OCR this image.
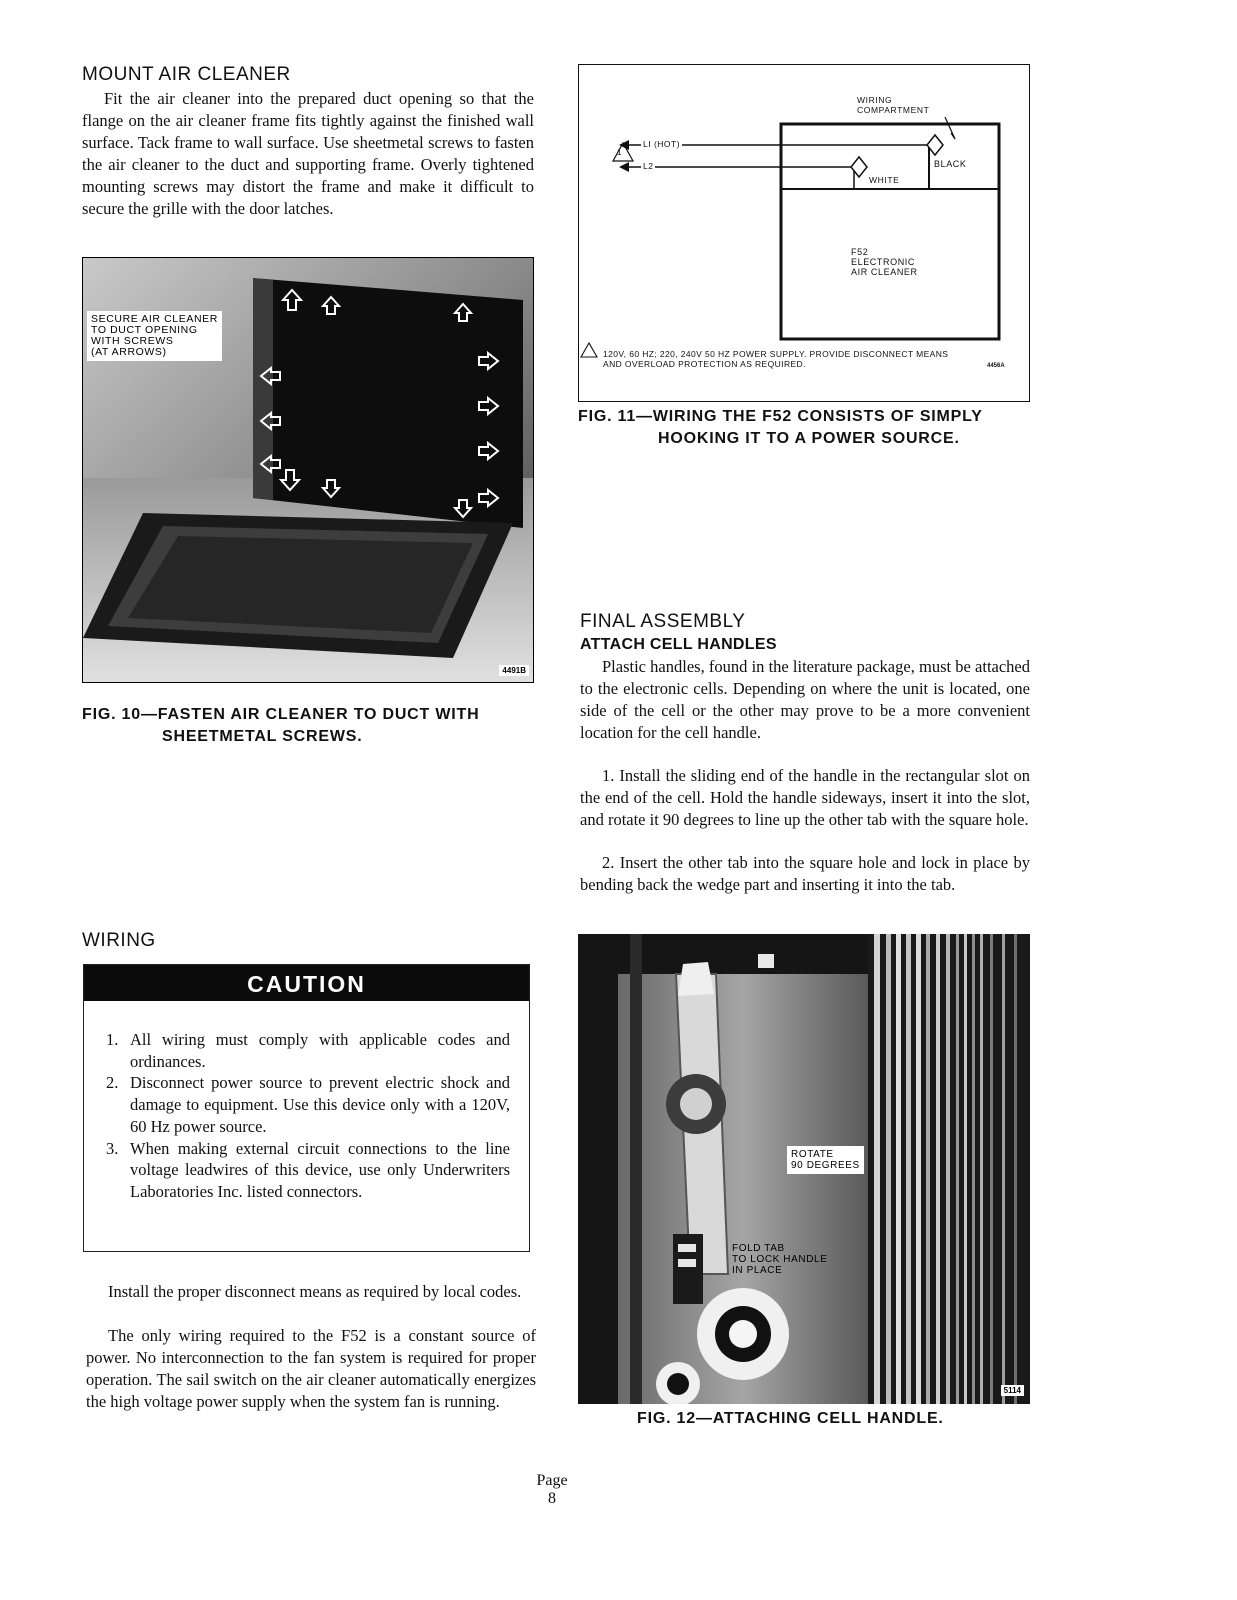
MOUNT AIR CLEANER

Fit the air cleaner into the prepared duct opening so that the flange on the air cleaner frame fits tightly against the finished wall surface. Tack frame to wall surface. Use sheetmetal screws to fasten the air cleaner to the duct and supporting frame. Overly tightened mounting screws may distort the frame and make it difficult to secure the grille with the door latches.

SECURE AIR CLEANER
TO DUCT OPENING
WITH SCREWS
(AT ARROWS)
4491B
FIG. 10—FASTEN AIR CLEANER TO DUCT WITH
SHEETMETAL SCREWS.
WIRING
CAUTION
1. All wiring must comply with applicable codes and ordinances.
2. Disconnect power source to prevent electric shock and damage to equipment. Use this device only with a 120V, 60 Hz power source.
3. When making external circuit connections to the line voltage leadwires of this device, use only Underwriters Laboratories Inc. listed connectors.

Install the proper disconnect means as required by local codes.

The only wiring required to the F52 is a constant source of power. No interconnection to the fan system is required for proper operation. The sail switch on the air cleaner automatically energizes the high voltage power supply when the system fan is running.

1
WIRING
COMPARTMENT
LI (HOT)
L2
WHITE
BLACK
F52
ELECTRONIC
AIR CLEANER
120V, 60 HZ; 220, 240V 50 HZ POWER SUPPLY. PROVIDE DISCONNECT MEANS
AND OVERLOAD PROTECTION AS REQUIRED.	4456A
FIG. 11—WIRING THE F52 CONSISTS OF SIMPLY
HOOKING IT TO A POWER SOURCE.
FINAL ASSEMBLY
ATTACH CELL HANDLES

Plastic handles, found in the literature package, must be attached to the electronic cells. Depending on where the unit is located, one side of the cell or the other may prove to be a more convenient location for the cell handle.

1. Install the sliding end of the handle in the rectangular slot on the end of the cell. Hold the handle sideways, insert it into the slot, and rotate it 90 degrees to line up the other tab with the square hole.

2. Insert the other tab into the square hole and lock in place by bending back the wedge part and inserting it into the tab.

ROTATE
90 DEGREES
FOLD TAB
TO LOCK HANDLE
IN PLACE
5114
FIG. 12—ATTACHING CELL HANDLE.
Page
8
